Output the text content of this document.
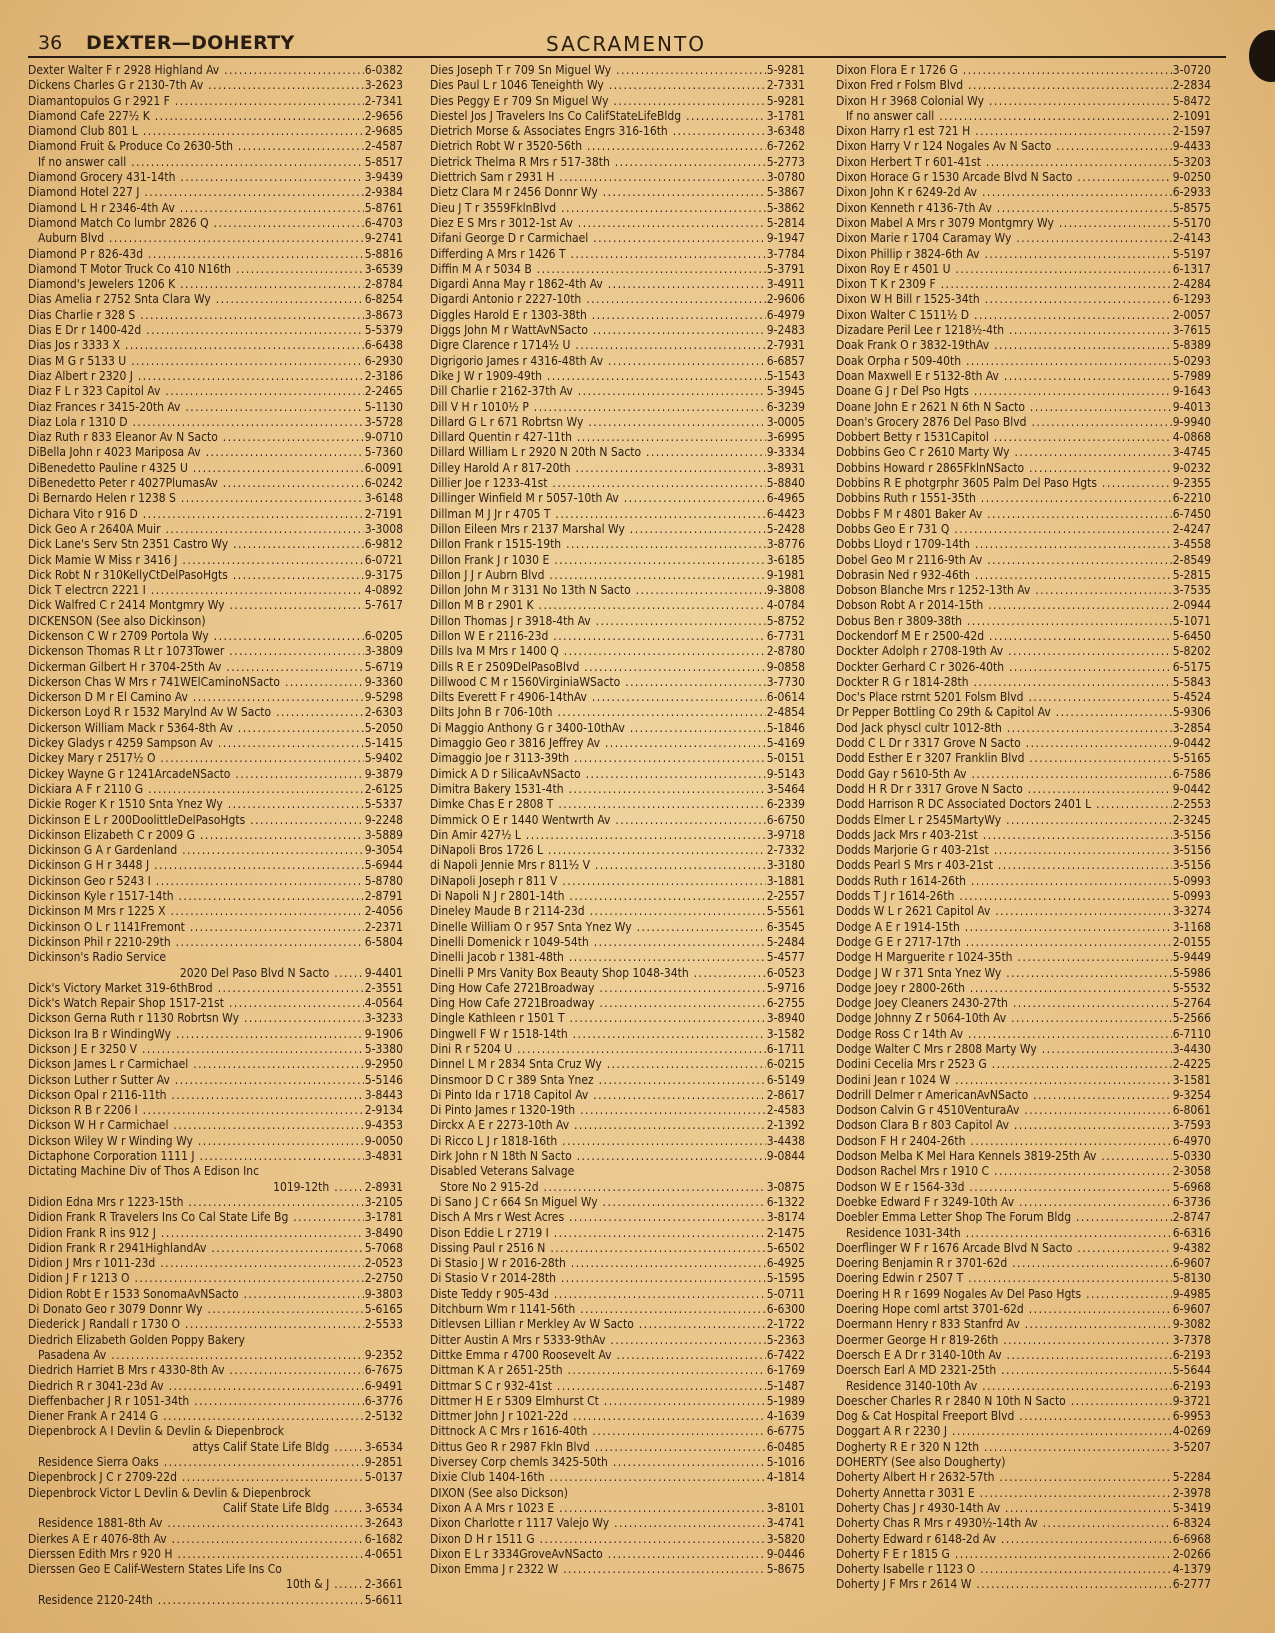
36 DEXTER—DOHERTY	SACRAMENTO
Dexter Walter F r 2928 Highland Av .....	6-0382
Dickens Charles G r 2130-7th Av .....	3-2623
Diamantopulos G r 2921 F .....	2-7341
Diamond Cafe 227½ K .....	2-9656
Diamond Club 801 L .....	2-9685
Diamond Fruit & Produce Co 2630-5th .....	2-4587
If no answer call .....	5-8517
Diamond Grocery 431-14th .....	3-9439
Diamond Hotel 227 J .....	2-9384
Diamond L H r 2346-4th Av .....	5-8761
Diamond Match Co lumbr 2826 Q .....	6-4703
Auburn Blvd .....	9-2741
Diamond P r 826-43d .....	5-8816
Diamond T Motor Truck Co 410 N16th .....	3-6539
Diamond's Jewelers 1206 K .....	2-8784
Dias Amelia r 2752 Snta Clara Wy .....	6-8254
Dias Charlie r 328 S .....	3-8673
Dias E Dr r 1400-42d .....	5-5379
Dias Jos r 3333 X .....	6-6438
Dias M G r 5133 U .....	6-2930
Diaz Albert r 2320 J .....	2-3186
Diaz F L r 323 Capitol Av .....	2-2465
Diaz Frances r 3415-20th Av .....	5-1130
Diaz Lola r 1310 D .....	3-5728
Diaz Ruth r 833 Eleanor Av N Sacto .....	9-0710
DiBella John r 4023 Mariposa Av .....	5-7360
DiBenedetto Pauline r 4325 U .....	6-0091
DiBenedetto Peter r 4027PlumasAv .....	6-0242
Di Bernardo Helen r 1238 S .....	3-6148
Dichara Vito r 916 D .....	2-7191
Dick Geo A r 2640A Muir .....	3-3008
Dick Lane's Serv Stn 2351 Castro Wy .....	6-9812
Dick Mamie W Miss r 3416 J .....	6-0721
Dick Robt N r 310KellyCtDelPasoHgts .....	9-3175
Dick T electrcn 2221 I .....	4-0892
Dick Walfred C r 2414 Montgmry Wy .....	5-7617
DICKENSON (See also Dickinson)
Dickenson C W r 2709 Portola Wy .....	6-0205
Dickenson Thomas R Lt r 1073Tower .....	3-3809
Dickerman Gilbert H r 3704-25th Av .....	5-6719
Dickerson Chas W Mrs r 741WElCaminoNSacto .....	9-3360
Dickerson D M r El Camino Av .....	9-5298
Dickerson Loyd R r 1532 Marylnd Av W Sacto .....	2-6303
Dickerson William Mack r 5364-8th Av .....	5-2050
Dickey Gladys r 4259 Sampson Av .....	5-1415
Dickey Mary r 2517½ O .....	5-9402
Dickey Wayne G r 1241ArcadeNSacto .....	9-3879
Dickiara A F r 2110 G .....	2-6125
Dickie Roger K r 1510 Snta Ynez Wy .....	5-5337
Dickinson E L r 200DoolittleDelPasoHgts .....	9-2248
Dickinson Elizabeth C r 2009 G .....	3-5889
Dickinson G A r Gardenland .....	9-3054
Dickinson G H r 3448 J .....	5-6944
Dickinson Geo r 5243 I .....	5-8780
Dickinson Kyle r 1517-14th .....	2-8791
Dickinson M Mrs r 1225 X .....	2-4056
Dickinson O L r 1141Fremont .....	2-2371
Dickinson Phil r 2210-29th .....	6-5804
Dickinson's Radio Service
2020 Del Paso Blvd N Sacto ......	9-4401
Dick's Victory Market 319-6thBrod .....	2-3551
Dick's Watch Repair Shop 1517-21st .....	4-0564
Dickson Gerna Ruth r 1130 Robrtsn Wy .....	3-3233
Dickson Ira B r WindingWy .....	9-1906
Dickson J E r 3250 V .....	5-3380
Dickson James L r Carmichael .....	9-2950
Dickson Luther r Sutter Av .....	5-5146
Dickson Opal r 2116-11th .....	3-8443
Dickson R B r 2206 I .....	2-9134
Dickson W H r Carmichael .....	9-4353
Dickson Wiley W r Winding Wy .....	9-0050
Dictaphone Corporation 1111 J .....	3-4831
Dictating Machine Div of Thos A Edison Inc
1019-12th ......	2-8931
Didion Edna Mrs r 1223-15th .....	3-2105
Didion Frank R Travelers Ins Co Cal State Life Bg .....	3-1781
Didion Frank R ins 912 J .....	3-8490
Didion Frank R r 2941HighlandAv .....	5-7068
Didion J Mrs r 1011-23d .....	2-0523
Didion J F r 1213 O .....	2-2750
Didion Robt E r 1533 SonomaAvNSacto .....	9-3803
Di Donato Geo r 3079 Donnr Wy .....	5-6165
Diederick J Randall r 1730 O .....	2-5533
Diedrich Elizabeth Golden Poppy Bakery
Pasadena Av .....	9-2352
Diedrich Harriet B Mrs r 4330-8th Av .....	6-7675
Diedrich R r 3041-23d Av .....	6-9491
Dieffenbacher J R r 1051-34th .....	6-3776
Diener Frank A r 2414 G .....	2-5132
Diepenbrock A I Devlin & Devlin & Diepenbrock
attys Calif State Life Bldg ......	3-6534
Residence Sierra Oaks .....	9-2851
Diepenbrock J C r 2709-22d .....	5-0137
Diepenbrock Victor L Devlin & Devlin & Diepenbrock
Calif State Life Bldg ......	3-6534
Residence 1881-8th Av .....	3-2643
Dierkes A E r 4076-8th Av .....	6-1682
Dierssen Edith Mrs r 920 H .....	4-0651
Dierssen Geo E Calif-Western States Life Ins Co
10th & J ......	2-3661
Residence 2120-24th .....	5-6611
Dies Joseph T r 709 Sn Miguel Wy .....	5-9281
Dies Paul L r 1046 Teneighth Wy .....	2-7331
Dies Peggy E r 709 Sn Miguel Wy .....	5-9281
Diestel Jos J Travelers Ins Co CalifStateLifeBldg .....	3-1781
Dietrich Morse & Associates Engrs 316-16th .....	3-6348
Dietrich Robt W r 3520-56th .....	6-7262
Dietrick Thelma R Mrs r 517-38th .....	5-2773
Diettrich Sam r 2931 H .....	3-0780
Dietz Clara M r 2456 Donnr Wy .....	5-3867
Dieu J T r 3559FklnBlvd .....	5-3862
Diez E S Mrs r 3012-1st Av .....	5-2814
Difani George D r Carmichael .....	9-1947
Differding A Mrs r 1426 T .....	3-7784
Diffin M A r 5034 B .....	5-3791
Digardi Anna May r 1862-4th Av .....	3-4911
Digardi Antonio r 2227-10th .....	2-9606
Diggles Harold E r 1303-38th .....	6-4979
Diggs John M r WattAvNSacto .....	9-2483
Digre Clarence r 1714½ U .....	2-7931
Digrigorio James r 4316-48th Av .....	6-6857
Dike J W r 1909-49th .....	5-1543
Dill Charlie r 2162-37th Av .....	5-3945
Dill V H r 1010½ P .....	6-3239
Dillard G L r 671 Robrtsn Wy .....	3-0005
Dillard Quentin r 427-11th .....	3-6995
Dillard William L r 2920 N 20th N Sacto .....	9-3334
Dilley Harold A r 817-20th .....	3-8931
Dillier Joe r 1233-41st .....	5-8840
Dillinger Winfield M r 5057-10th Av .....	6-4965
Dillman M J Jr r 4705 T .....	6-4423
Dillon Eileen Mrs r 2137 Marshal Wy .....	5-2428
Dillon Frank r 1515-19th .....	3-8776
Dillon Frank J r 1030 E .....	3-6185
Dillon J J r Aubrn Blvd .....	9-1981
Dillon John M r 3131 No 13th N Sacto .....	9-3808
Dillon M B r 2901 K .....	4-0784
Dillon Thomas J r 3918-4th Av .....	5-8752
Dillon W E r 2116-23d .....	6-7731
Dills Iva M Mrs r 1400 Q .....	2-8780
Dills R E r 2509DelPasoBlvd .....	9-0858
Dillwood C M r 1560VirginiaWSacto .....	3-7730
Dilts Everett F r 4906-14thAv .....	6-0614
Dilts John B r 706-10th .....	2-4854
Di Maggio Anthony G r 3400-10thAv .....	5-1846
Dimaggio Geo r 3816 Jeffrey Av .....	5-4169
Dimaggio Joe r 3113-39th .....	5-0151
Dimick A D r SilicaAvNSacto .....	9-5143
Dimitra Bakery 1531-4th .....	3-5464
Dimke Chas E r 2808 T .....	6-2339
Dimmick O E r 1440 Wentwrth Av .....	6-6750
Din Amir 427½ L .....	3-9718
DiNapoli Bros 1726 L .....	2-7332
di Napoli Jennie Mrs r 811½ V .....	3-3180
DiNapoli Joseph r 811 V .....	3-1881
Di Napoli N J r 2801-14th .....	2-2557
Dineley Maude B r 2114-23d .....	5-5561
Dinelle William O r 957 Snta Ynez Wy .....	6-3545
Dinelli Domenick r 1049-54th .....	5-2484
Dinelli Jacob r 1381-48th .....	5-4577
Dinelli P Mrs Vanity Box Beauty Shop 1048-34th .....	6-0523
Ding How Cafe 2721Broadway .....	5-9716
Ding How Cafe 2721Broadway .....	6-2755
Dingle Kathleen r 1501 T .....	3-8940
Dingwell F W r 1518-14th .....	3-1582
Dini R r 5204 U .....	6-1711
Dinnel L M r 2834 Snta Cruz Wy .....	6-0215
Dinsmoor D C r 389 Snta Ynez .....	6-5149
Di Pinto Ida r 1718 Capitol Av .....	2-8617
Di Pinto James r 1320-19th .....	2-4583
Dirckx A E r 2273-10th Av .....	2-1392
Di Ricco L J r 1818-16th .....	3-4438
Dirk John r N 18th N Sacto .....	9-0844
Disabled Veterans Salvage
Store No 2 915-2d .....	3-0875
Di Sano J C r 664 Sn Miguel Wy .....	6-1322
Disch A Mrs r West Acres .....	3-8174
Dison Eddie L r 2719 I .....	2-1475
Dissing Paul r 2516 N .....	5-6502
Di Stasio J W r 2016-28th .....	6-4925
Di Stasio V r 2014-28th .....	5-1595
Diste Teddy r 905-43d .....	5-0711
Ditchburn Wm r 1141-56th .....	6-6300
Ditlevsen Lillian r Merkley Av W Sacto .....	2-1722
Ditter Austin A Mrs r 5333-9thAv .....	5-2363
Dittke Emma r 4700 Roosevelt Av .....	6-7422
Dittman K A r 2651-25th .....	6-1769
Dittmar S C r 932-41st .....	5-1487
Dittmer H E r 5309 Elmhurst Ct .....	5-1989
Dittmer John J r 1021-22d .....	4-1639
Dittnock A C Mrs r 1616-40th .....	6-6775
Dittus Geo R r 2987 Fkln Blvd .....	6-0485
Diversey Corp chemls 3425-50th .....	5-1016
Dixie Club 1404-16th .....	4-1814
DIXON (See also Dickson)
Dixon A A Mrs r 1023 E .....	3-8101
Dixon Charlotte r 1117 Valejo Wy .....	3-4741
Dixon D H r 1511 G .....	3-5820
Dixon E L r 3334GroveAvNSacto .....	9-0446
Dixon Emma J r 2322 W .....	5-8675
Dixon Flora E r 1726 G .....	3-0720
Dixon Fred r Folsm Blvd .....	2-2834
Dixon H r 3968 Colonial Wy .....	5-8472
If no answer call .....	2-1091
Dixon Harry r1 est 721 H .....	2-1597
Dixon Harry V r 124 Nogales Av N Sacto .....	9-4433
Dixon Herbert T r 601-41st .....	5-3203
Dixon Horace G r 1530 Arcade Blvd N Sacto .....	9-0250
Dixon John K r 6249-2d Av .....	6-2933
Dixon Kenneth r 4136-7th Av .....	5-8575
Dixon Mabel A Mrs r 3079 Montgmry Wy .....	5-5170
Dixon Marie r 1704 Caramay Wy .....	2-4143
Dixon Phillip r 3824-6th Av .....	5-5197
Dixon Roy E r 4501 U .....	6-1317
Dixon T K r 2309 F .....	2-4284
Dixon W H Bill r 1525-34th .....	6-1293
Dixon Walter C 1511½ D .....	2-0057
Dizadare Peril Lee r 1218½-4th .....	3-7615
Doak Frank O r 3832-19thAv .....	5-8389
Doak Orpha r 509-40th .....	5-0293
Doan Maxwell E r 5132-8th Av .....	5-7989
Doane G J r Del Pso Hgts .....	9-1643
Doane John E r 2621 N 6th N Sacto .....	9-4013
Doan's Grocery 2876 Del Paso Blvd .....	9-9940
Dobbert Betty r 1531Capitol .....	4-0868
Dobbins Geo C r 2610 Marty Wy .....	3-4745
Dobbins Howard r 2865FklnNSacto .....	9-0232
Dobbins R E photgrphr 3605 Palm Del Paso Hgts .....	9-2355
Dobbins Ruth r 1551-35th .....	6-2210
Dobbs F M r 4801 Baker Av .....	6-7450
Dobbs Geo E r 731 Q .....	2-4247
Dobbs Lloyd r 1709-14th .....	3-4558
Dobel Geo M r 2116-9th Av .....	2-8549
Dobrasin Ned r 932-46th .....	5-2815
Dobson Blanche Mrs r 1252-13th Av .....	3-7535
Dobson Robt A r 2014-15th .....	2-0944
Dobus Ben r 3809-38th .....	5-1071
Dockendorf M E r 2500-42d .....	5-6450
Dockter Adolph r 2708-19th Av .....	5-8202
Dockter Gerhard C r 3026-40th .....	6-5175
Dockter R G r 1814-28th .....	5-5843
Doc's Place rstrnt 5201 Folsm Blvd .....	5-4524
Dr Pepper Bottling Co 29th & Capitol Av .....	5-9306
Dod Jack physcl cultr 1012-8th .....	3-2854
Dodd C L Dr r 3317 Grove N Sacto .....	9-0442
Dodd Esther E r 3207 Franklin Blvd .....	5-5165
Dodd Gay r 5610-5th Av .....	6-7586
Dodd H R Dr r 3317 Grove N Sacto .....	9-0442
Dodd Harrison R DC Associated Doctors 2401 L .....	2-2553
Dodds Elmer L r 2545MartyWy .....	2-3245
Dodds Jack Mrs r 403-21st .....	3-5156
Dodds Marjorie G r 403-21st .....	3-5156
Dodds Pearl S Mrs r 403-21st .....	3-5156
Dodds Ruth r 1614-26th .....	5-0993
Dodds T J r 1614-26th .....	5-0993
Dodds W L r 2621 Capitol Av .....	3-3274
Dodge A E r 1914-15th .....	3-1168
Dodge G E r 2717-17th .....	2-0155
Dodge H Marguerite r 1024-35th .....	5-9449
Dodge J W r 371 Snta Ynez Wy .....	5-5986
Dodge Joey r 2800-26th .....	5-5532
Dodge Joey Cleaners 2430-27th .....	5-2764
Dodge Johnny Z r 5064-10th Av .....	5-2566
Dodge Ross C r 14th Av .....	6-7110
Dodge Walter C Mrs r 2808 Marty Wy .....	3-4430
Dodini Cecelia Mrs r 2523 G .....	2-4225
Dodini Jean r 1024 W .....	3-1581
Dodrill Delmer r AmericanAvNSacto .....	9-3254
Dodson Calvin G r 4510VenturaAv .....	6-8061
Dodson Clara B r 803 Capitol Av .....	3-7593
Dodson F H r 2404-26th .....	6-4970
Dodson Melba K Mel Hara Kennels 3819-25th Av .....	5-0330
Dodson Rachel Mrs r 1910 C .....	2-3058
Dodson W E r 1564-33d .....	5-6968
Doebke Edward F r 3249-10th Av .....	6-3736
Doebler Emma Letter Shop The Forum Bldg .....	2-8747
Residence 1031-34th .....	6-6316
Doerflinger W F r 1676 Arcade Blvd N Sacto .....	9-4382
Doering Benjamin R r 3701-62d .....	6-9607
Doering Edwin r 2507 T .....	5-8130
Doering H R r 1699 Nogales Av Del Paso Hgts .....	9-4985
Doering Hope coml artst 3701-62d .....	6-9607
Doermann Henry r 833 Stanfrd Av .....	9-3082
Doermer George H r 819-26th .....	3-7378
Doersch E A Dr r 3140-10th Av .....	6-2193
Doersch Earl A MD 2321-25th .....	5-5644
Residence 3140-10th Av .....	6-2193
Doescher Charles R r 2840 N 10th N Sacto .....	9-3721
Dog & Cat Hospital Freeport Blvd .....	6-9953
Doggart A R r 2230 J .....	4-0269
Dogherty R E r 320 N 12th .....	3-5207
DOHERTY (See also Dougherty)
Doherty Albert H r 2632-57th .....	5-2284
Doherty Annetta r 3031 E .....	2-3978
Doherty Chas J r 4930-14th Av .....	5-3419
Doherty Chas R Mrs r 4930½-14th Av .....	6-8324
Doherty Edward r 6148-2d Av .....	6-6968
Doherty F E r 1815 G .....	2-0266
Doherty Isabelle r 1123 O .....	4-1379
Doherty J F Mrs r 2614 W .....	6-2777
